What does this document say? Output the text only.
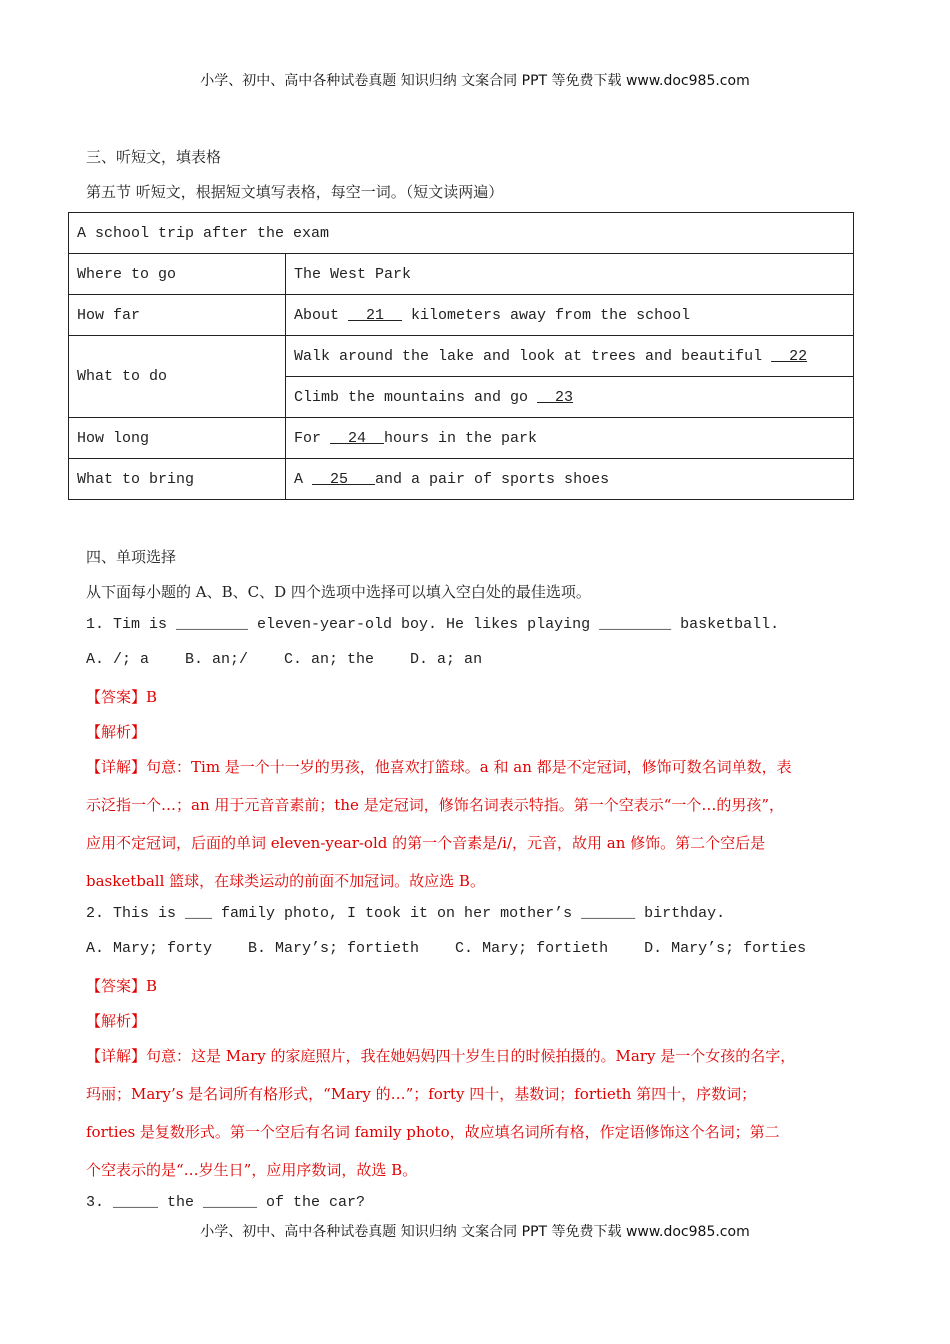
小学、初中、高中各种试卷真题 知识归纳 文案合同 PPT 等免费下载 www.doc985.com
三、听短文，填表格
第五节 听短文，根据短文填写表格，每空一词。（短文读两遍）
A school trip after the exam	
Where to go	The West Park
How far	About   21   kilometers away from the school
What to do	Walk around the lake and look at trees and beautiful   22
	Climb the mountains and go   23
How long	For   24  hours in the park
What to bring	A   25   and a pair of sports shoes
四、单项选择
从下面每小题的 A、B、C、D 四个选项中选择可以填入空白处的最佳选项。
1. Tim is ________ eleven-year-old boy. He likes playing ________ basketball.
A. /; a    B. an;/    C. an; the    D. a; an
【答案】B
【解析】
【详解】句意：Tim 是一个十一岁的男孩，他喜欢打篮球。a 和 an 都是不定冠词，修饰可数名词单数，表
示泛指一个…；an 用于元音音素前；the 是定冠词，修饰名词表示特指。第一个空表示“一个…的男孩”，
应用不定冠词，后面的单词 eleven-year-old 的第一个音素是/i/，元音，故用 an 修饰。第二个空后是
basketball 篮球，在球类运动的前面不加冠词。故应选 B。
2. This is ___ family photo, I took it on her mother’s ______ birthday.
A. Mary; forty    B. Mary’s; fortieth    C. Mary; fortieth    D. Mary’s; forties
【答案】B
【解析】
【详解】句意：这是 Mary 的家庭照片，我在她妈妈四十岁生日的时候拍摄的。Mary 是一个女孩的名字，
玛丽；Mary’s 是名词所有格形式，“Mary 的…”；forty 四十，基数词；fortieth 第四十，序数词；
forties 是复数形式。第一个空后有名词 family photo，故应填名词所有格，作定语修饰这个名词；第二
个空表示的是“…岁生日”，应用序数词，故选 B。
3. _____ the ______ of the car?
小学、初中、高中各种试卷真题 知识归纳 文案合同 PPT 等免费下载 www.doc985.com
